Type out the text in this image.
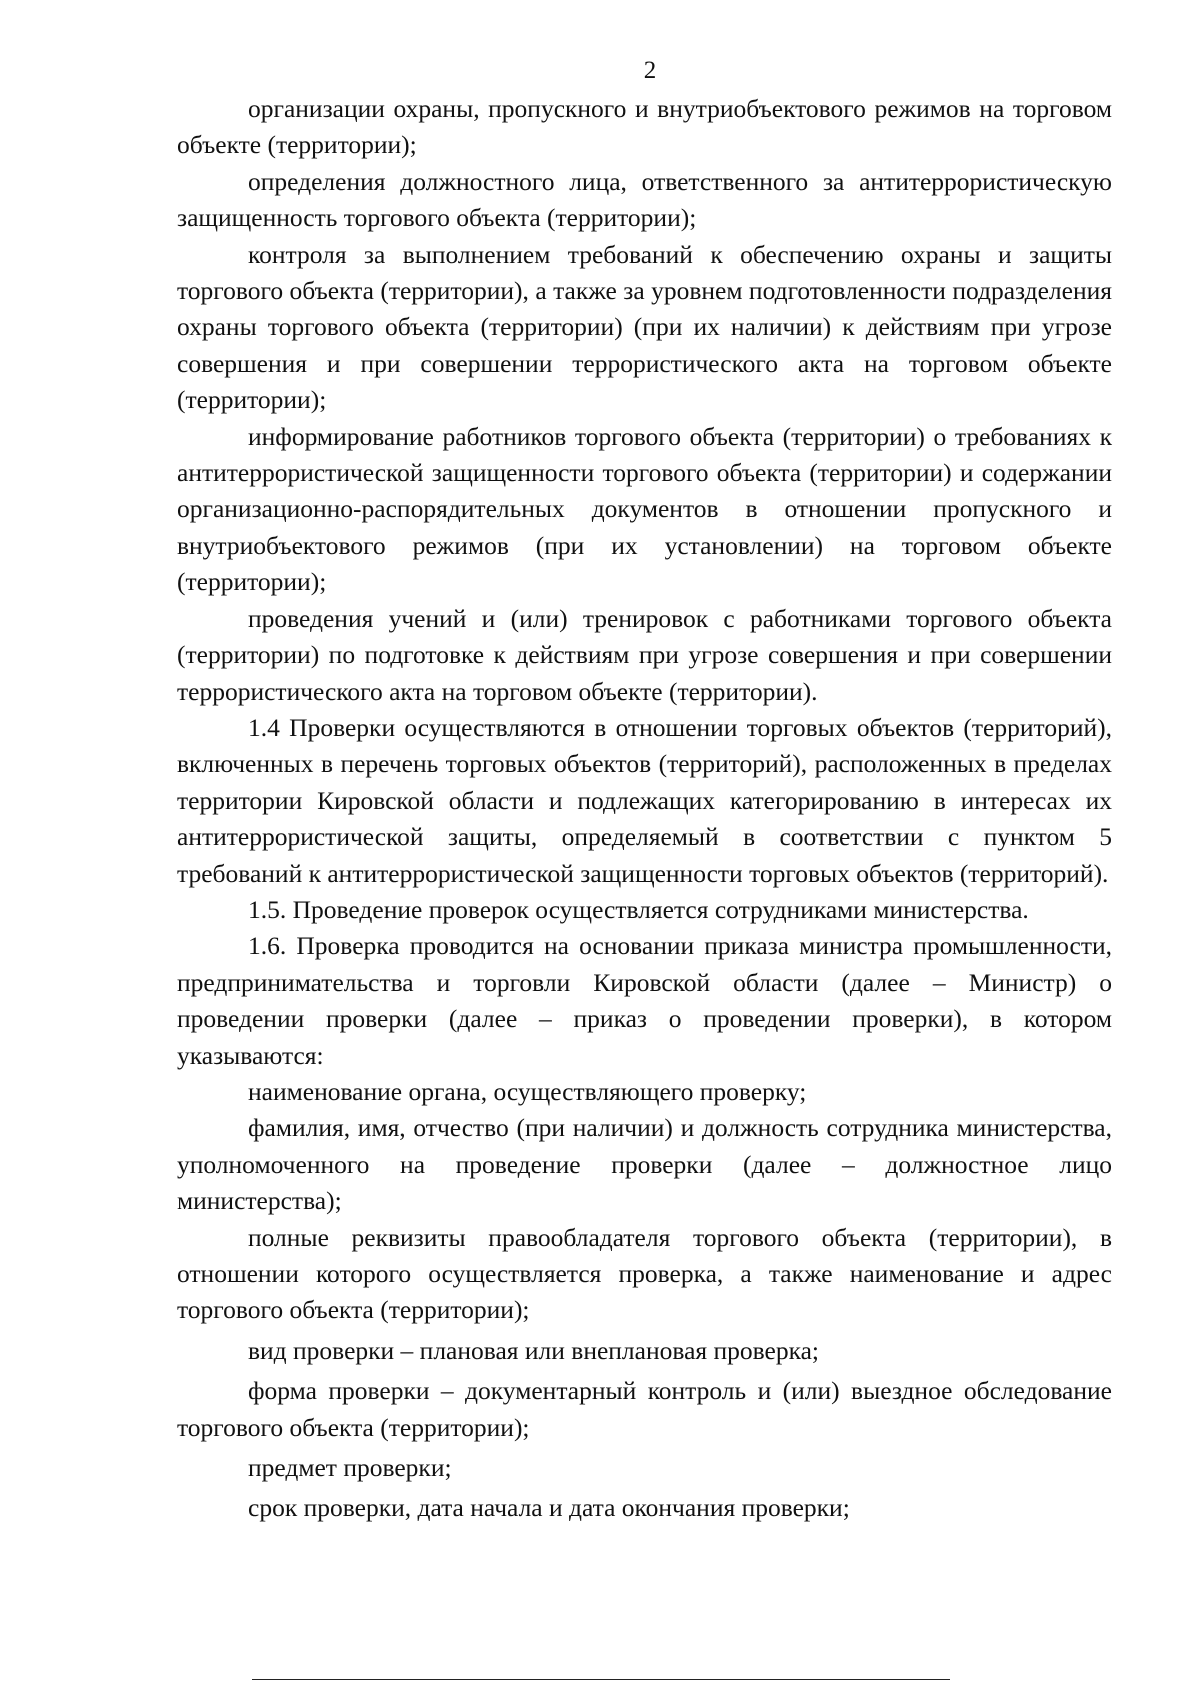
2

организации охраны, пропускного и внутриобъектового режимов на торговом объекте (территории);

определения должностного лица, ответственного за антитеррористическую защищенность торгового объекта (территории);

контроля за выполнением требований к обеспечению охраны и защиты торгового объекта (территории), а также за уровнем подготовленности подразделения охраны торгового объекта (территории) (при их наличии) к действиям при угрозе совершения и при совершении террористического акта на торговом объекте (территории);

информирование работников торгового объекта (территории) о требованиях к антитеррористической защищенности торгового объекта (территории) и содержании организационно-распорядительных документов в отношении пропускного и внутриобъектового режимов (при их установлении) на торговом объекте (территории);

проведения учений и (или) тренировок с работниками торгового объекта (территории) по подготовке к действиям при угрозе совершения и при совершении террористического акта на торговом объекте (территории).

1.4 Проверки осуществляются в отношении торговых объектов (территорий), включенных в перечень торговых объектов (территорий), расположенных в пределах территории Кировской области и подлежащих категорированию в интересах их антитеррористической защиты, определяемый в соответствии с пунктом 5 требований к антитеррористической защищенности торговых объектов (территорий).

1.5. Проведение проверок осуществляется сотрудниками министерства.

1.6. Проверка проводится на основании приказа министра промышленности, предпринимательства и торговли Кировской области (далее – Министр) о проведении проверки (далее – приказ о проведении проверки), в котором указываются:

наименование органа, осуществляющего проверку;

фамилия, имя, отчество (при наличии) и должность сотрудника министерства, уполномоченного на проведение проверки (далее – должностное лицо министерства);

полные реквизиты правообладателя торгового объекта (территории), в отношении которого осуществляется проверка, а также наименование и адрес торгового объекта (территории);

вид проверки – плановая или внеплановая проверка;

форма проверки – документарный контроль и (или) выездное обследование торгового объекта (территории);

предмет проверки;

срок проверки, дата начала и дата окончания проверки;
